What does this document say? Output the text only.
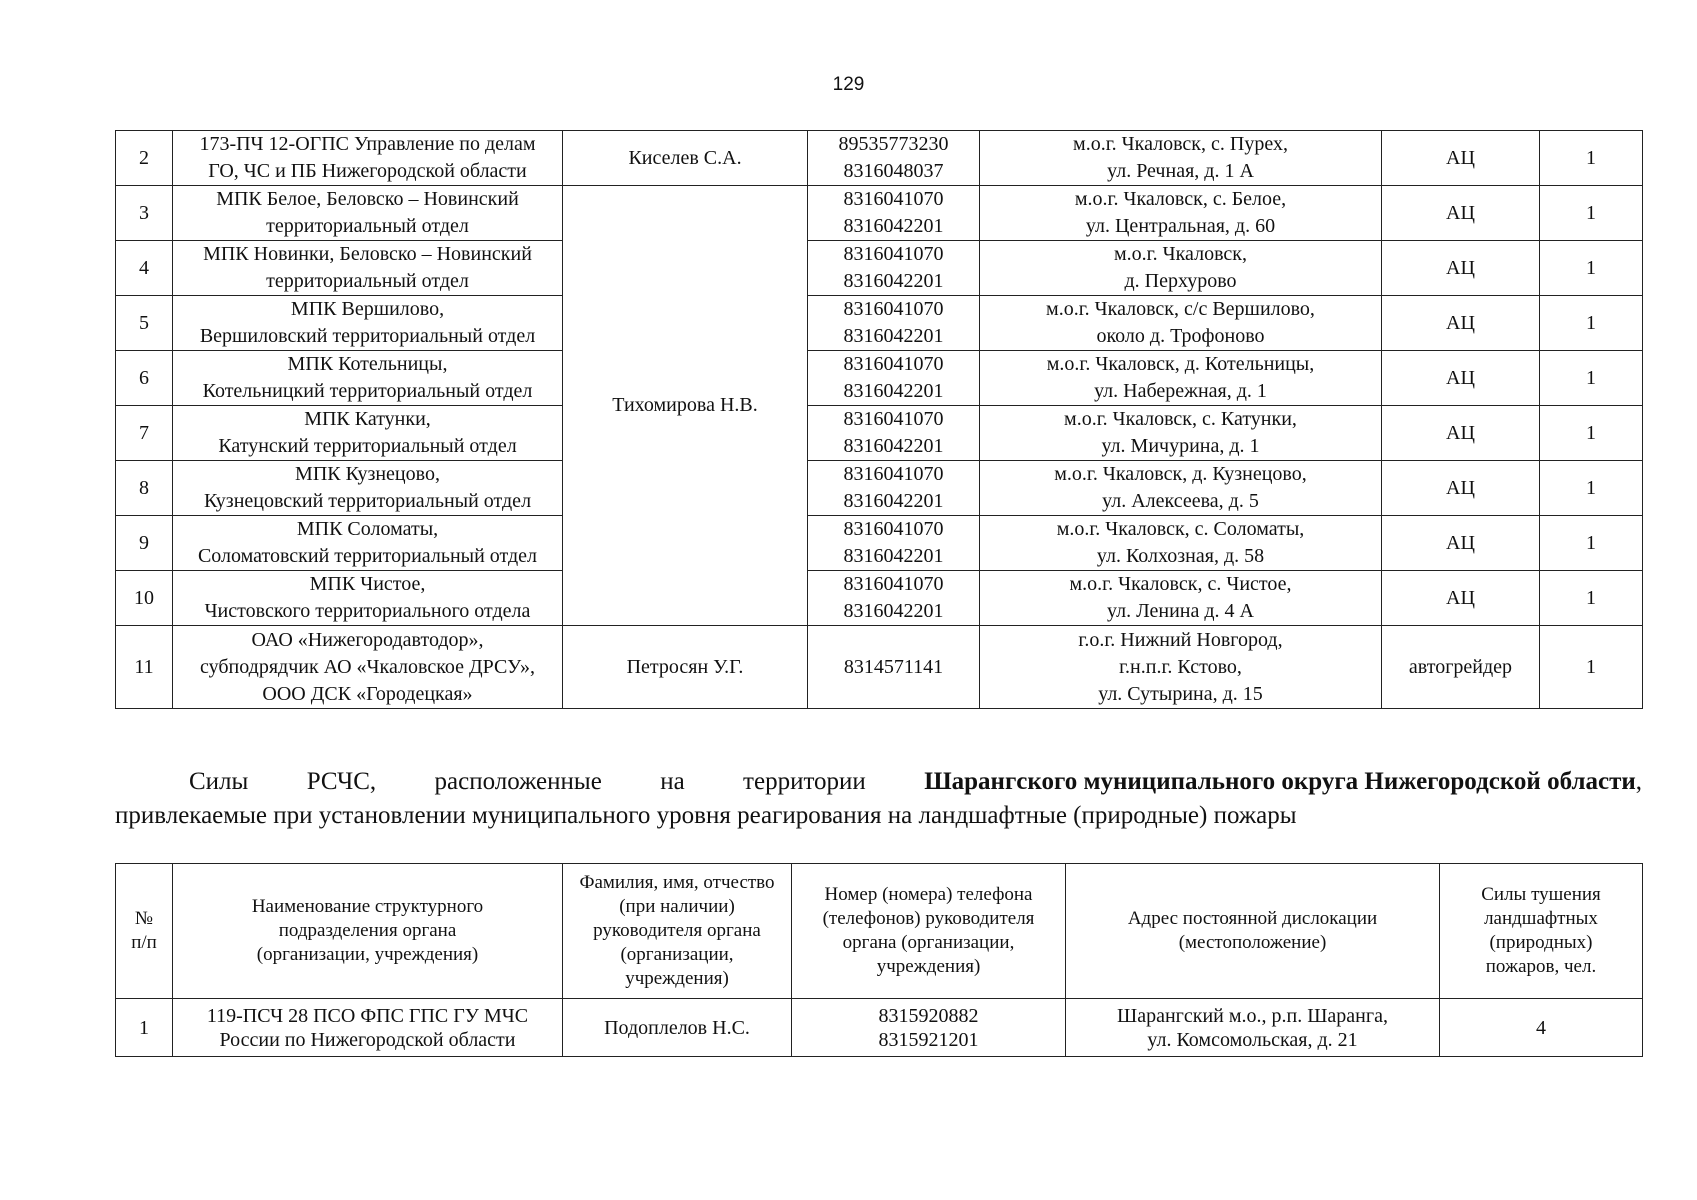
129
2	173-ПЧ 12-ОГПС Управление по делам
ГО, ЧС и ПБ Нижегородской области	Киселев С.А.	89535773230
8316048037	м.о.г. Чкаловск, с. Пурех,
ул. Речная, д. 1 А	АЦ	1
3	МПК Белое, Беловско – Новинский
территориальный отдел	Тихомирова Н.В.	8316041070
8316042201	м.о.г. Чкаловск, с. Белое,
ул. Центральная, д. 60	АЦ	1
4	МПК Новинки, Беловско – Новинский
территориальный отдел		8316041070
8316042201	м.о.г. Чкаловск,
д. Перхурово	АЦ	1
5	МПК Вершилово,
Вершиловский территориальный отдел		8316041070
8316042201	м.о.г. Чкаловск, с/с Вершилово,
около д. Трофоново	АЦ	1
6	МПК Котельницы,
Котельницкий территориальный отдел		8316041070
8316042201	м.о.г. Чкаловск, д. Котельницы,
ул. Набережная, д. 1	АЦ	1
7	МПК Катунки,
Катунский территориальный отдел		8316041070
8316042201	м.о.г. Чкаловск, с. Катунки,
ул. Мичурина, д. 1	АЦ	1
8	МПК Кузнецово,
Кузнецовский территориальный отдел		8316041070
8316042201	м.о.г. Чкаловск, д. Кузнецово,
ул. Алексеева, д. 5	АЦ	1
9	МПК Соломаты,
Соломатовский территориальный отдел		8316041070
8316042201	м.о.г. Чкаловск, с. Соломаты,
ул. Колхозная, д. 58	АЦ	1
10	МПК Чистое,
Чистовского территориального отдела		8316041070
8316042201	м.о.г. Чкаловск, с. Чистое,
ул. Ленина д. 4 А	АЦ	1
11	ОАО «Нижегородавтодор»,
субподрядчик АО «Чкаловское ДРСУ»,
ООО ДСК «Городецкая»	Петросян У.Г.	8314571141	г.о.г. Нижний Новгород,
г.н.п.г. Кстово,
ул. Сутырина, д. 15	автогрейдер	1
Силы РСЧС, расположенные на территории Шарангского муниципального округа Нижегородской области,
привлекаемые при установлении муниципального уровня реагирования на ландшафтные (природные) пожары
№
п/п	Наименование структурного
подразделения органа
(организации, учреждения)	Фамилия, имя, отчество
(при наличии)
руководителя органа
(организации,
учреждения)	Номер (номера) телефона
(телефонов) руководителя
органа (организации,
учреждения)	Адрес постоянной дислокации
(местоположение)	Силы тушения
ландшафтных
(природных)
пожаров, чел.
1	119-ПСЧ 28 ПСО ФПС ГПС ГУ МЧС
России по Нижегородской области	Подоплелов Н.С.	8315920882
8315921201	Шарангский м.о., р.п. Шаранга,
ул. Комсомольская, д. 21	4
